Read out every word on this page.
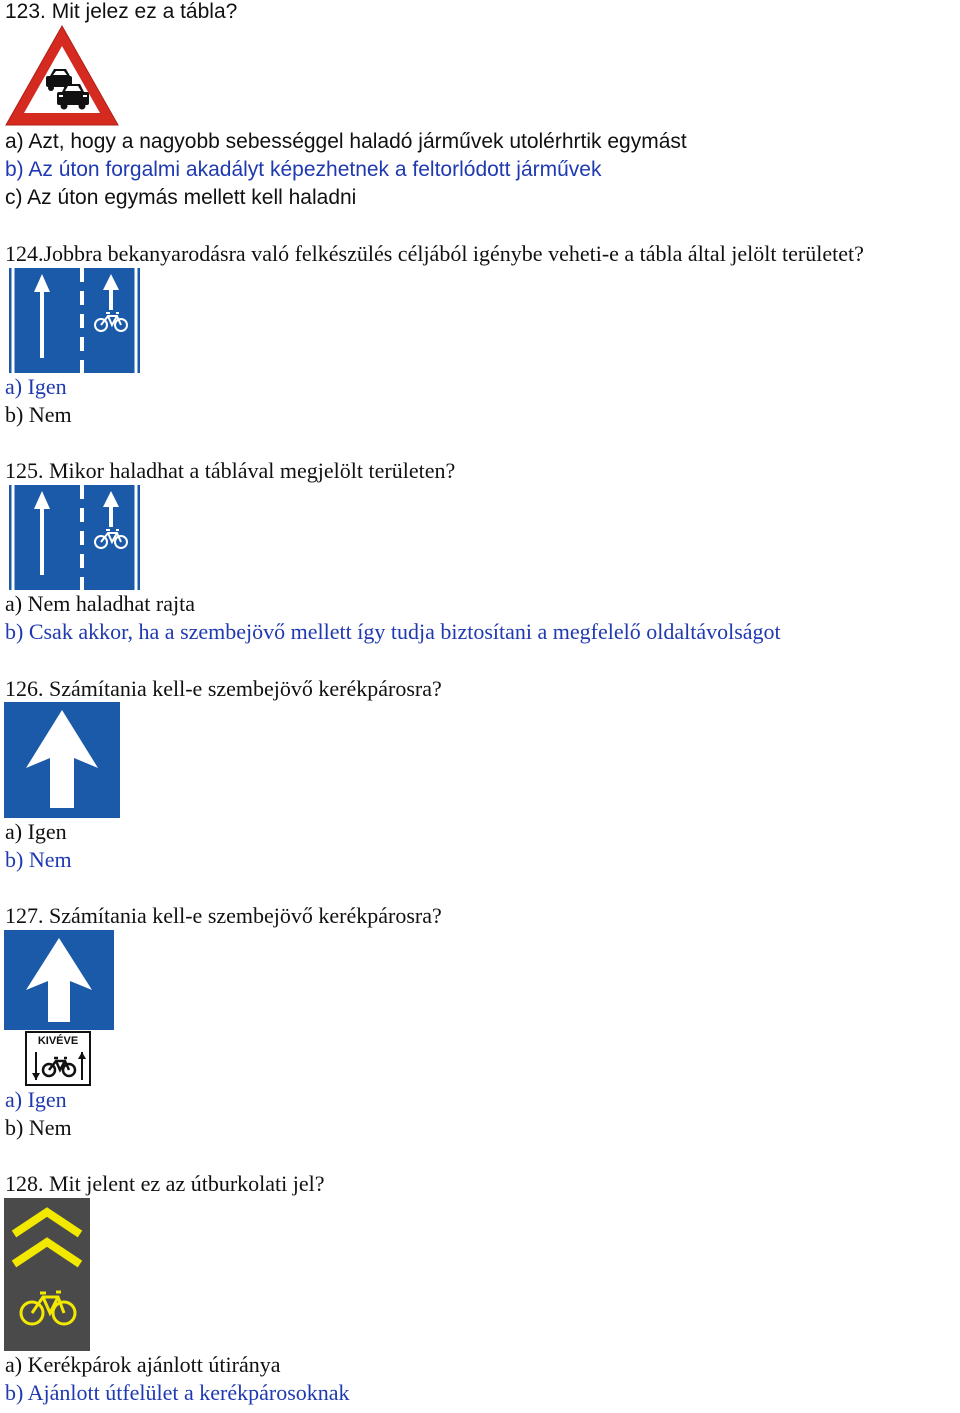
123. Mit jelez ez a tábla?
a) Azt, hogy a nagyobb sebességgel haladó járművek utolérhrtik egymást
b) Az úton forgalmi akadályt képezhetnek a feltorlódott járművek
c) Az úton egymás mellett kell haladni
124.Jobbra bekanyarodásra való felkészülés céljából igénybe veheti-e a tábla által jelölt területet?
a) Igen
b) Nem
125. Mikor haladhat a táblával megjelölt területen?
a) Nem haladhat rajta
b) Csak akkor, ha a szembejövő mellett így tudja biztosítani a megfelelő oldaltávolságot
126. Számítania kell-e szembejövő kerékpárosra?
a) Igen
b) Nem
127. Számítania kell-e szembejövő kerékpárosra?
KIVÉVE
a) Igen
b) Nem
128. Mit jelent ez az útburkolati jel?
a) Kerékpárok ajánlott útiránya
b) Ajánlott útfelület a kerékpárosoknak
